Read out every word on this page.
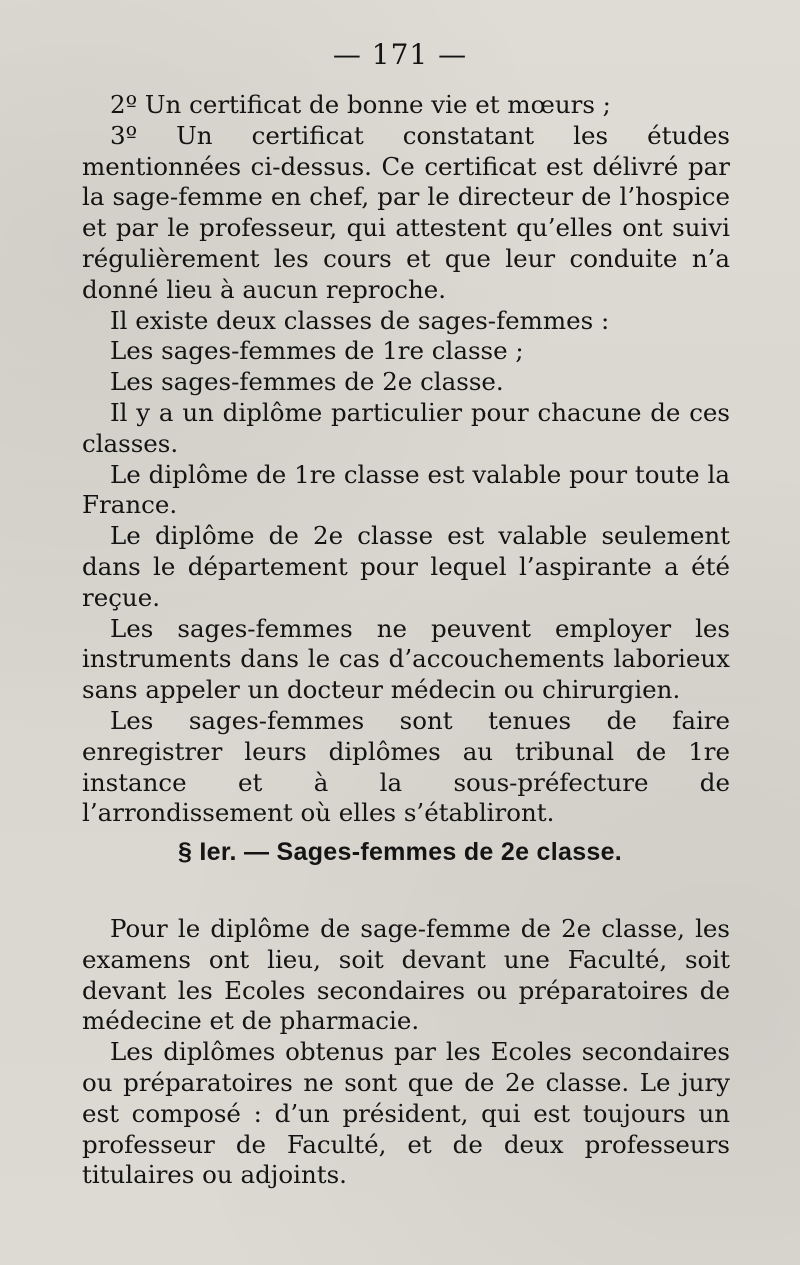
— 171 —

2º Un certificat de bonne vie et mœurs ;

3º Un certificat constatant les études mentionnées ci-dessus. Ce certificat est délivré par la sage-femme en chef, par le directeur de l’hospice et par le professeur, qui attestent qu’elles ont suivi régulièrement les cours et que leur conduite n’a donné lieu à aucun reproche.

Il existe deux classes de sages-femmes :

Les sages-femmes de 1re classe ;

Les sages-femmes de 2e classe.

Il y a un diplôme particulier pour chacune de ces classes.

Le diplôme de 1re classe est valable pour toute la France.

Le diplôme de 2e classe est valable seulement dans le département pour lequel l’aspirante a été reçue.

Les sages-femmes ne peuvent employer les instruments dans le cas d’accouchements laborieux sans appeler un docteur médecin ou chirurgien.

Les sages-femmes sont tenues de faire enregistrer leurs diplômes au tribunal de 1re instance et à la sous-préfecture de l’arrondissement où elles s’établiront.

§ Ier. — Sages-femmes de 2e classe.

Pour le diplôme de sage-femme de 2e classe, les examens ont lieu, soit devant une Faculté, soit devant les Ecoles secondaires ou préparatoires de médecine et de pharmacie.

Les diplômes obtenus par les Ecoles secondaires ou préparatoires ne sont que de 2e classe. Le jury est composé : d’un président, qui est toujours un professeur de Faculté, et de deux professeurs titulaires ou adjoints.
